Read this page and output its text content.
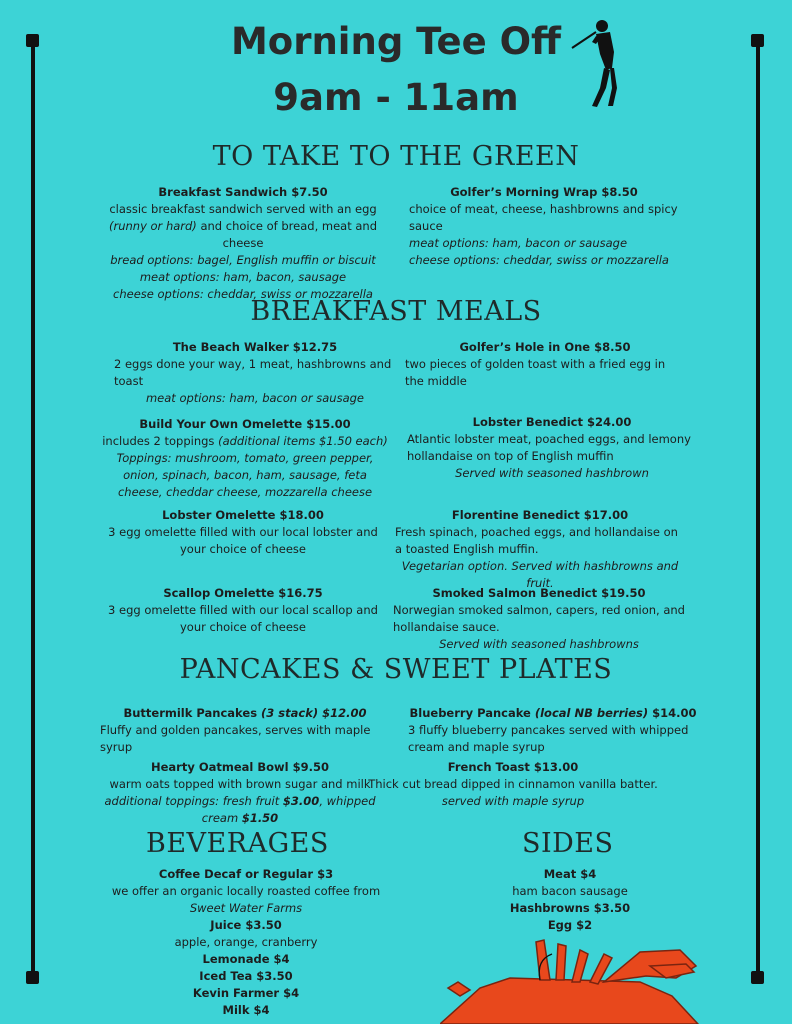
Morning Tee Off
9am - 11am
TO TAKE TO THE GREEN
Breakfast Sandwich $7.50
classic breakfast sandwich served with an egg (runny or hard) and choice of bread, meat and cheese
bread options: bagel, English muffin or biscuit
meat options: ham, bacon, sausage
cheese options: cheddar, swiss or mozzarella
Golfer’s Morning Wrap $8.50
choice of meat, cheese, hashbrowns and spicy sauce
meat options: ham, bacon or sausage
cheese options: cheddar, swiss or mozzarella
BREAKFAST MEALS
The Beach Walker $12.75
2 eggs done your way, 1 meat, hashbrowns and toast
meat options: ham, bacon or sausage
Golfer’s Hole in One $8.50
two pieces of golden toast with a fried egg in the middle
Build Your Own Omelette $15.00
includes 2 toppings (additional items $1.50 each)
Toppings: mushroom, tomato, green pepper, onion, spinach, bacon, ham, sausage, feta cheese, cheddar cheese, mozzarella cheese
Lobster Benedict $24.00
Atlantic lobster meat, poached eggs, and lemony hollandaise on top of English muffin
Served with seasoned hashbrown
Lobster Omelette $18.00
3 egg omelette filled with our local lobster and your choice of cheese
Florentine Benedict $17.00
Fresh spinach, poached eggs, and hollandaise on a toasted English muffin.
Vegetarian option. Served with hashbrowns and fruit.
Scallop Omelette $16.75
3 egg omelette filled with our local scallop and your choice of cheese
Smoked Salmon Benedict $19.50
Norwegian smoked salmon, capers, red onion, and hollandaise sauce.
Served with seasoned hashbrowns
PANCAKES & SWEET PLATES
Buttermilk Pancakes (3 stack) $12.00
Fluffy and golden pancakes, serves with maple syrup
Blueberry Pancake (local NB berries) $14.00
3 fluffy blueberry pancakes served with whipped cream and maple syrup
Hearty Oatmeal Bowl $9.50
warm oats topped with brown sugar and milk
additional toppings: fresh fruit $3.00, whipped cream $1.50
French Toast $13.00
Thick cut bread dipped in cinnamon vanilla batter.
served with maple syrup
BEVERAGES
Coffee Decaf or Regular $3
we offer an organic locally roasted coffee from
Sweet Water Farms
Juice $3.50
apple, orange, cranberry
Lemonade $4
Iced Tea $3.50
Kevin Farmer $4
Milk $4
SIDES
Meat $4
ham bacon sausage
Hashbrowns $3.50
Egg $2
